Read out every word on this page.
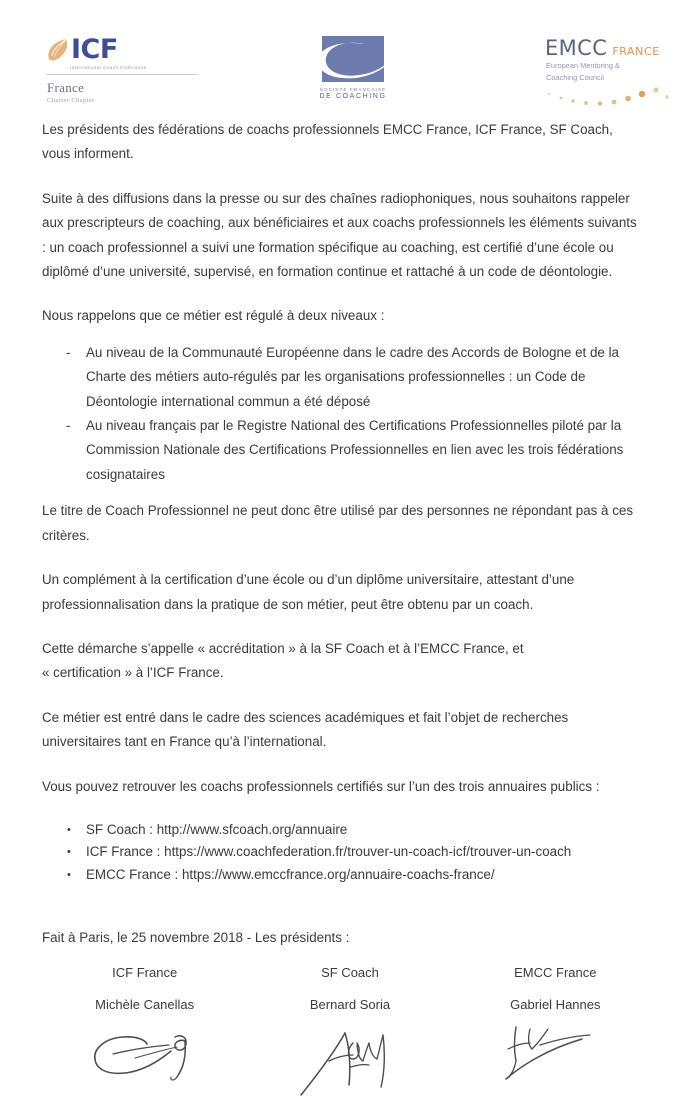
ICF
International Coach Federation
France
Charter Chapter
SOCIETE FRANCAISE
DE COACHING
EMCC FRANCE
European Mentoring &
Coaching Council

Les présidents des fédérations de coachs professionnels EMCC France, ICF France, SF Coach, vous informent.

Suite à des diffusions dans la presse ou sur des chaînes radiophoniques, nous souhaitons rappeler aux prescripteurs de coaching, aux bénéficiaires et aux coachs professionnels les éléments suivants : un coach professionnel a suivi une formation spécifique au coaching, est certifié d’une école ou diplômé d’une université, supervisé, en formation continue et rattaché à un code de déontologie.

Nous rappelons que ce métier est régulé à deux niveaux :

- Au niveau de la Communauté Européenne dans le cadre des Accords de Bologne et de la Charte des métiers auto-régulés par les organisations professionnelles : un Code de Déontologie international commun a été déposé
- Au niveau français par le Registre National des Certifications Professionnelles piloté par la Commission Nationale des Certifications Professionnelles en lien avec les trois fédérations cosignataires

Le titre de Coach Professionnel ne peut donc être utilisé par des personnes ne répondant pas à ces critères.

Un complément à la certification d’une école ou d’un diplôme universitaire, attestant d’une professionnalisation dans la pratique de son métier, peut être obtenu par un coach.

Cette démarche s’appelle « accréditation » à la SF Coach et à l’EMCC France, et
« certification » à l’ICF France.

Ce métier est entré dans le cadre des sciences académiques et fait l’objet de recherches universitaires tant en France qu’à l’international.

Vous pouvez retrouver les coachs professionnels certifiés sur l’un des trois annuaires publics :

• SF Coach : http://www.sfcoach.org/annuaire
• ICF France : https://www.coachfederation.fr/trouver-un-coach-icf/trouver-un-coach
• EMCC France : https://www.emccfrance.org/annuaire-coachs-france/

Fait à Paris, le 25 novembre 2018 - Les présidents :

ICF France	SF Coach	EMCC France
Michèle Canellas	Bernard Soria	Gabriel Hannes
